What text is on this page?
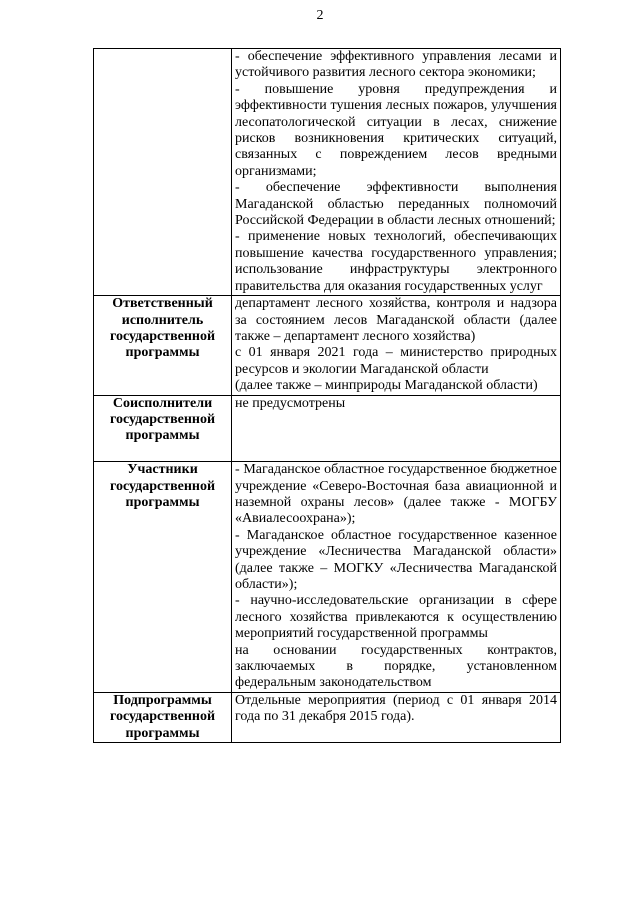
2

	- обеспечение эффективного управления лесами и устойчивого развития лесного сектора экономики;
- повышение уровня предупреждения и эффективности тушения лесных пожаров, улучшения лесопатологической ситуации в лесах, снижение рисков возникновения критических ситуаций, связанных с повреждением лесов вредными организмами;
- обеспечение эффективности выполнения Магаданской областью переданных полномочий Российской Федерации в области лесных отношений;
- применение новых технологий, обеспечивающих повышение качества государственного управления; использование инфраструктуры электронного правительства для оказания государственных услуг

Ответственный исполнитель государственной программы	департамент лесного хозяйства, контроля и надзора за состоянием лесов Магаданской области (далее также – департамент лесного хозяйства)
с 01 января 2021 года – министерство природных ресурсов и экологии Магаданской области
(далее также – минприроды Магаданской области)

Соисполнители государственной программы	не предусмотрены

Участники государственной программы	- Магаданское областное государственное бюджетное учреждение «Северо-Восточная база авиационной и наземной охраны лесов» (далее также - МОГБУ «Авиалесоохрана»);
- Магаданское областное государственное казенное учреждение «Лесничества Магаданской области» (далее также – МОГКУ «Лесничества Магаданской области»);
- научно-исследовательские организации в сфере лесного хозяйства привлекаются к осуществлению мероприятий государственной программы
на основании государственных контрактов, заключаемых в порядке, установленном федеральным законодательством

Подпрограммы государственной программы	Отдельные мероприятия (период с 01 января 2014 года по 31 декабря 2015 года).
